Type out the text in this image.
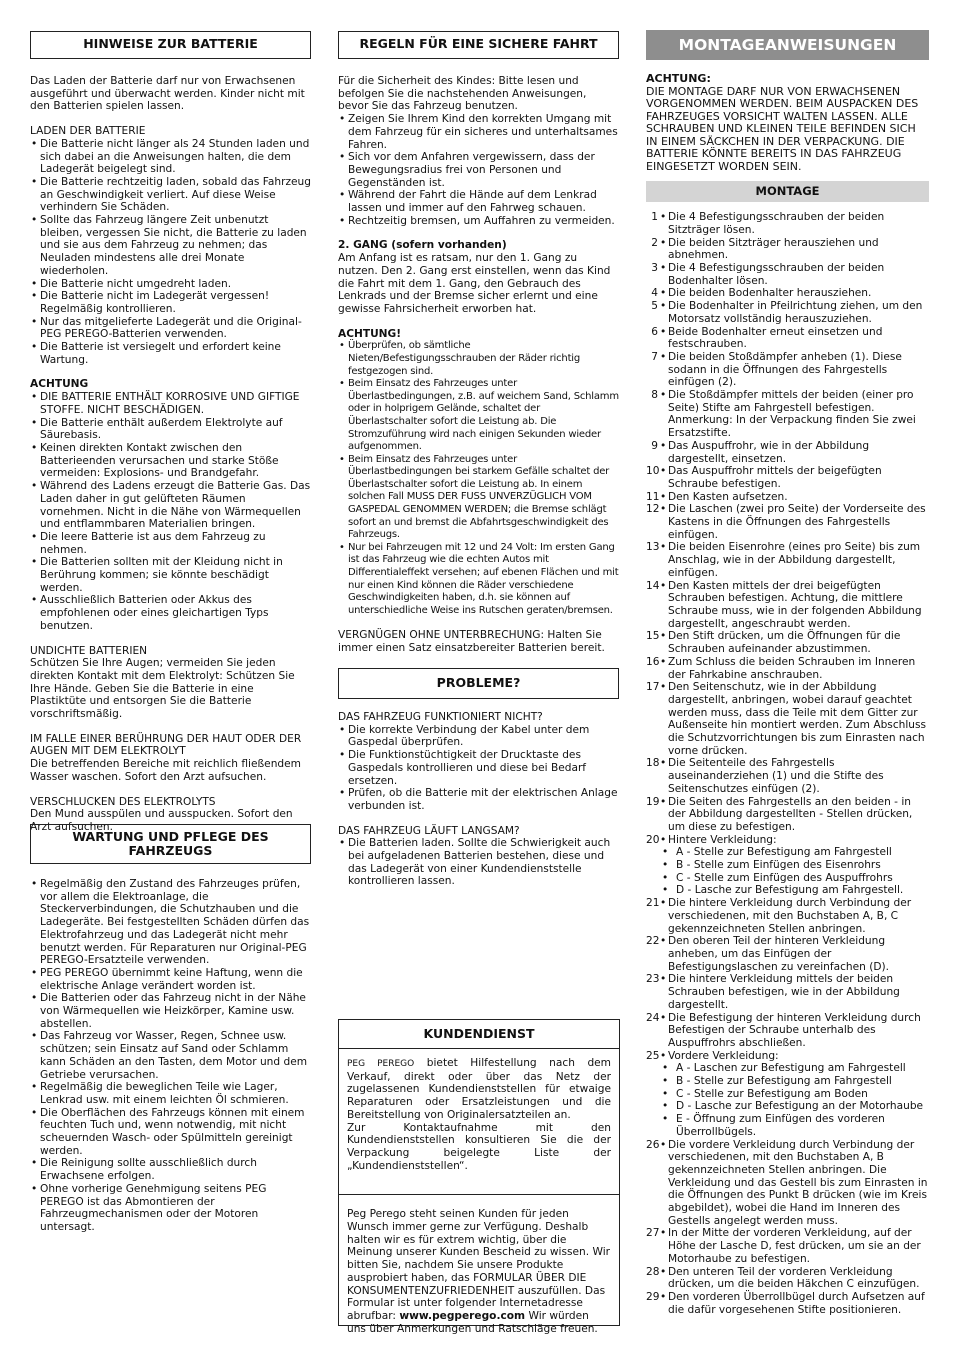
HINWEISE ZUR BATTERIE

Das Laden der Batterie darf nur von Erwachsenen ausgeführt und überwacht werden. Kinder nicht mit den Batterien spielen lassen.

LADEN DER BATTERIE

• Die Batterie nicht länger als 24 Stunden laden und sich dabei an die Anweisungen halten, die dem Ladegerät beigelegt sind.
• Die Batterie rechtzeitig laden, sobald das Fahrzeug an Geschwindigkeit verliert. Auf diese Weise verhindern Sie Schäden.
• Sollte das Fahrzeug längere Zeit unbenutzt bleiben, vergessen Sie nicht, die Batterie zu laden und sie aus dem Fahrzeug zu nehmen; das Neuladen mindestens alle drei Monate wiederholen.
• Die Batterie nicht umgedreht laden.
• Die Batterie nicht im Ladegerät vergessen! Regelmäßig kontrollieren.
• Nur das mitgelieferte Ladegerät und die Original-PEG PEREGO-Batterien verwenden.
• Die Batterie ist versiegelt und erfordert keine Wartung.

ACHTUNG

• DIE BATTERIE ENTHÄLT KORROSIVE UND GIFTIGE STOFFE. NICHT BESCHÄDIGEN.
• Die Batterie enthält außerdem Elektrolyte auf Säurebasis.
• Keinen direkten Kontakt zwischen den Batterieenden verursachen und starke Stöße vermeiden: Explosions- und Brandgefahr.
• Während des Ladens erzeugt die Batterie Gas. Das Laden daher in gut gelüfteten Räumen vornehmen. Nicht in die Nähe von Wärmequellen und entflammbaren Materialien bringen.
• Die leere Batterie ist aus dem Fahrzeug zu nehmen.
• Die Batterien sollten mit der Kleidung nicht in Berührung kommen; sie könnte beschädigt werden.
• Ausschließlich Batterien oder Akkus des empfohlenen oder eines gleichartigen Typs benutzen.

UNDICHTE BATTERIEN

Schützen Sie Ihre Augen; vermeiden Sie jeden direkten Kontakt mit dem Elektrolyt: Schützen Sie Ihre Hände. Geben Sie die Batterie in eine Plastiktüte und entsorgen Sie die Batterie vorschriftsmäßig.

IM FALLE EINER BERÜHRUNG DER HAUT ODER DER AUGEN MIT DEM ELEKTROLYT

Die betreffenden Bereiche mit reichlich fließendem Wasser waschen. Sofort den Arzt aufsuchen.

VERSCHLUCKEN DES ELEKTROLYTS

Den Mund ausspülen und ausspucken. Sofort den Arzt aufsuchen.

WARTUNG UND PFLEGE DES FAHRZEUGS
• Regelmäßig den Zustand des Fahrzeuges prüfen, vor allem die Elektroanlage, die Steckerverbindungen, die Schutzhauben und die Ladegeräte. Bei festgestellten Schäden dürfen das Elektrofahrzeug und das Ladegerät nicht mehr benutzt werden. Für Reparaturen nur Original-PEG PEREGO-Ersatzteile verwenden.
• PEG PEREGO übernimmt keine Haftung, wenn die elektrische Anlage verändert worden ist.
• Die Batterien oder das Fahrzeug nicht in der Nähe von Wärmequellen wie Heizkörper, Kamine usw. abstellen.
• Das Fahrzeug vor Wasser, Regen, Schnee usw. schützen; sein Einsatz auf Sand oder Schlamm kann Schäden an den Tasten, dem Motor und dem Getriebe verursachen.
• Regelmäßig die beweglichen Teile wie Lager, Lenkrad usw. mit einem leichten Öl schmieren.
• Die Oberflächen des Fahrzeugs können mit einem feuchten Tuch und, wenn notwendig, mit nicht scheuernden Wasch- oder Spülmitteln gereinigt werden.
• Die Reinigung sollte ausschließlich durch Erwachsene erfolgen.
• Ohne vorherige Genehmigung seitens PEG PEREGO ist das Abmontieren der Fahrzeugmechanismen oder der Motoren untersagt.
REGELN FÜR EINE SICHERE FAHRT

Für die Sicherheit des Kindes: Bitte lesen und befolgen Sie die nachstehenden Anweisungen, bevor Sie das Fahrzeug benutzen.

• Zeigen Sie Ihrem Kind den korrekten Umgang mit dem Fahrzeug für ein sicheres und unterhaltsames Fahren.
• Sich vor dem Anfahren vergewissern, dass der Bewegungsradius frei von Personen und Gegenständen ist.
• Während der Fahrt die Hände auf dem Lenkrad lassen und immer auf den Fahrweg schauen.
• Rechtzeitig bremsen, um Auffahren zu vermeiden.

2. GANG (sofern vorhanden)

Am Anfang ist es ratsam, nur den 1. Gang zu nutzen. Den 2. Gang erst einstellen, wenn das Kind die Fahrt mit dem 1. Gang, den Gebrauch des Lenkrads und der Bremse sicher erlernt und eine gewisse Fahrsicherheit erworben hat.

ACHTUNG!

• Überprüfen, ob sämtliche Nieten/Befestigungsschrauben der Räder richtig festgezogen sind.
• Beim Einsatz des Fahrzeuges unter Überlastbedingungen, z.B. auf weichem Sand, Schlamm oder in holprigem Gelände, schaltet der Überlastschalter sofort die Leistung ab. Die Stromzuführung wird nach einigen Sekunden wieder aufgenommen.
• Beim Einsatz des Fahrzeuges unter Überlastbedingungen bei starkem Gefälle schaltet der Überlastschalter sofort die Leistung ab. In einem solchen Fall MUSS DER FUSS UNVERZÜGLICH VOM GASPEDAL GENOMMEN WERDEN; die Bremse schlägt sofort an und bremst die Abfahrtsgeschwindigkeit des Fahrzeugs.
• Nur bei Fahrzeugen mit 12 und 24 Volt: Im ersten Gang ist das Fahrzeug wie die echten Autos mit Differentialeffekt versehen; auf ebenen Flächen und mit nur einen Kind können die Räder verschiedene Geschwindigkeiten haben, d.h. sie können auf unterschiedliche Weise ins Rutschen geraten/bremsen.

VERGNÜGEN OHNE UNTERBRECHUNG: Halten Sie immer einen Satz einsatzbereiter Batterien bereit.

PROBLEME?

DAS FAHRZEUG FUNKTIONIERT NICHT?

• Die korrekte Verbindung der Kabel unter dem Gaspedal überprüfen.
• Die Funktionstüchtigkeit der Drucktaste des Gaspedals kontrollieren und diese bei Bedarf ersetzen.
• Prüfen, ob die Batterie mit der elektrischen Anlage verbunden ist.

DAS FAHRZEUG LÄUFT LANGSAM?

• Die Batterien laden. Sollte die Schwierigkeit auch bei aufgeladenen Batterien bestehen, diese und das Ladegerät von einer Kundendienststelle kontrollieren lassen.
KUNDENDIENST

PEG PEREGO bietet Hilfestellung nach dem Verkauf, direkt oder über das Netz der zugelassenen Kundendienststellen für etwaige Reparaturen oder Ersatzleistungen und die Bereitstellung von Originalersatzteilen an.

Zur Kontaktaufnahme mit den Kundendienststellen konsultieren Sie die der Verpackung beigelegte Liste der „Kundendienststellen“.

Peg Perego steht seinen Kunden für jeden Wunsch immer gerne zur Verfügung. Deshalb halten wir es für extrem wichtig, über die Meinung unserer Kunden Bescheid zu wissen. Wir bitten Sie, nachdem Sie unsere Produkte ausprobiert haben, das FORMULAR ÜBER DIE KONSUMENTENZUFRIEDENHEIT auszufüllen. Das Formular ist unter folgender Internetadresse abrufbar: www.pegperego.com Wir würden uns über Anmerkungen und Ratschläge freuen.

MONTAGEANWEISUNGEN

ACHTUNG:

DIE MONTAGE DARF NUR VON ERWACHSENEN VORGENOMMEN WERDEN. BEIM AUSPACKEN DES FAHRZEUGES VORSICHT WALTEN LASSEN. ALLE SCHRAUBEN UND KLEINEN TEILE BEFINDEN SICH IN EINEM SÄCKCHEN IN DER VERPACKUNG. DIE BATTERIE KÖNNTE BEREITS IN DAS FAHRZEUG EINGESETZT WORDEN SEIN.

MONTAGE
1 • Die 4 Befestigungsschrauben der beiden Sitzträger lösen.
2 • Die beiden Sitzträger herausziehen und abnehmen.
3 • Die 4 Befestigungsschrauben der beiden Bodenhalter lösen.
4 • Die beiden Bodenhalter herausziehen.
5 • Die Bodenhalter in Pfeilrichtung ziehen, um den Motorsatz vollständig herauszuziehen.
6 • Beide Bodenhalter erneut einsetzen und festschrauben.
7 • Die beiden Stoßdämpfer anheben (1). Diese sodann in die Öffnungen des Fahrgestells einfügen (2).
8 • Die Stoßdämpfer mittels der beiden (einer pro Seite) Stifte am Fahrgestell befestigen. Anmerkung: In der Verpackung finden Sie zwei Ersatzstifte.
9 • Das Auspuffrohr, wie in der Abbildung dargestellt, einsetzen.
10 • Das Auspuffrohr mittels der beigefügten Schraube befestigen.
11 • Den Kasten aufsetzen.
12 • Die Laschen (zwei pro Seite) der Vorderseite des Kastens in die Öffnungen des Fahrgestells einfügen.
13 • Die beiden Eisenrohre (eines pro Seite) bis zum Anschlag, wie in der Abbildung dargestellt, einfügen.
14 • Den Kasten mittels der drei beigefügten Schrauben befestigen. Achtung, die mittlere Schraube muss, wie in der folgenden Abbildung dargestellt, angeschraubt werden.
15 • Den Stift drücken, um die Öffnungen für die Schrauben aufeinander abzustimmen.
16 • Zum Schluss die beiden Schrauben im Inneren der Fahrkabine anschrauben.
17 • Den Seitenschutz, wie in der Abbildung dargestellt, anbringen, wobei darauf geachtet werden muss, dass die Teile mit dem Gitter zur Außenseite hin montiert werden. Zum Abschluss die Schutzvorrichtungen bis zum Einrasten nach vorne drücken.
18 • Die Seitenteile des Fahrgestells auseinanderziehen (1) und die Stifte des Seitenschutzes einfügen (2).
19 • Die Seiten des Fahrgestells an den beiden - in der Abbildung dargestellten - Stellen drücken, um diese zu befestigen.
20 • Hintere Verkleidung:
• A - Stelle zur Befestigung am Fahrgestell
• B - Stelle zum Einfügen des Eisenrohrs
• C - Stelle zum Einfügen des Auspuffrohrs
• D - Lasche zur Befestigung am Fahrgestell.
21 • Die hintere Verkleidung durch Verbindung der verschiedenen, mit den Buchstaben A, B, C gekennzeichneten Stellen anbringen.
22 • Den oberen Teil der hinteren Verkleidung anheben, um das Einfügen der Befestigungslaschen zu vereinfachen (D).
23 • Die hintere Verkleidung mittels der beiden Schrauben befestigen, wie in der Abbildung dargestellt.
24 • Die Befestigung der hinteren Verkleidung durch Befestigen der Schraube unterhalb des Auspuffrohrs abschließen.
25 • Vordere Verkleidung:
• A - Laschen zur Befestigung am Fahrgestell
• B - Stelle zur Befestigung am Fahrgestell
• C - Stelle zur Befestigung am Boden
• D - Lasche zur Befestigung an der Motorhaube
• E - Öffnung zum Einfügen des vorderen Überrollbügels.
26 • Die vordere Verkleidung durch Verbindung der verschiedenen, mit den Buchstaben A, B gekennzeichneten Stellen anbringen. Die Verkleidung und das Gestell bis zum Einrasten in die Öffnungen des Punkt B drücken (wie im Kreis abgebildet), wobei die Hand im Inneren des Gestells angelegt werden muss.
27 • In der Mitte der vorderen Verkleidung, auf der Höhe der Lasche D, fest drücken, um sie an der Motorhaube zu befestigen.
28 • Den unteren Teil der vorderen Verkleidung drücken, um die beiden Häkchen C einzufügen.
29 • Den vorderen Überrollbügel durch Aufsetzen auf die dafür vorgesehenen Stifte positionieren.
